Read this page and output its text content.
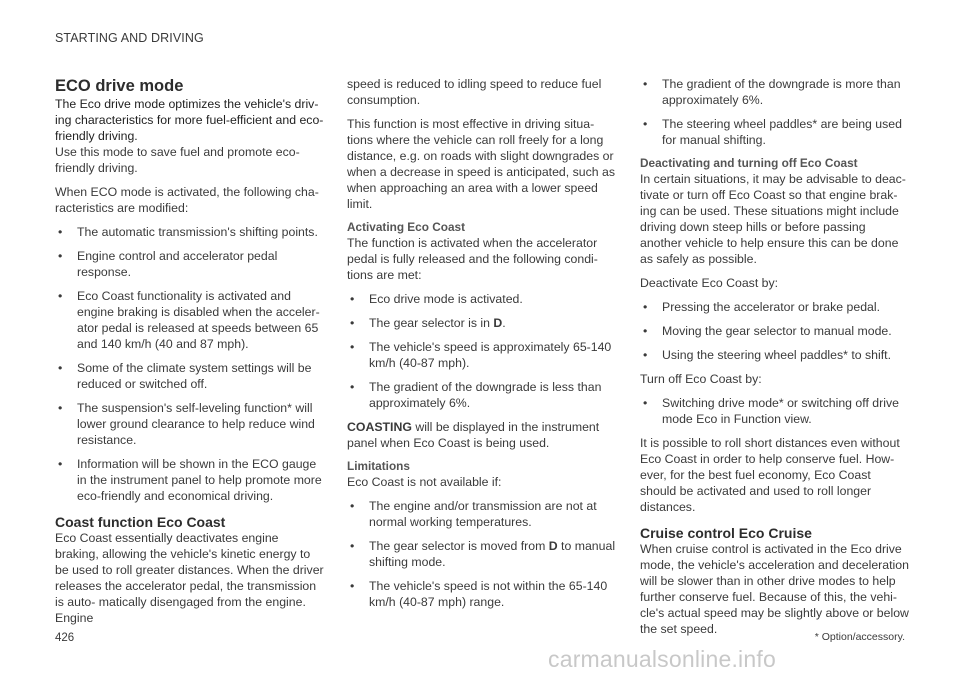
STARTING AND DRIVING
ECO drive mode
The Eco drive mode optimizes the vehicle's driv- ing characteristics for more fuel-efficient and eco-friendly driving.

Use this mode to save fuel and promote eco- friendly driving.

When ECO mode is activated, the following cha- racteristics are modified:

• The automatic transmission's shifting points.
• Engine control and accelerator pedal response.
• Eco Coast functionality is activated and engine braking is disabled when the acceler- ator pedal is released at speeds between 65 and 140 km/h (40 and 87 mph).
• Some of the climate system settings will be reduced or switched off.
• The suspension's self-leveling function* will lower ground clearance to help reduce wind resistance.
• Information will be shown in the ECO gauge in the instrument panel to help promote more eco-friendly and economical driving.
Coast function Eco Coast

Eco Coast essentially deactivates engine braking, allowing the vehicle's kinetic energy to be used to roll greater distances. When the driver releases the accelerator pedal, the transmission is auto- matically disengaged from the engine. Engine

speed is reduced to idling speed to reduce fuel consumption.

This function is most effective in driving situa- tions where the vehicle can roll freely for a long distance, e.g. on roads with slight downgrades or when a decrease in speed is anticipated, such as when approaching an area with a lower speed limit.

Activating Eco Coast

The function is activated when the accelerator pedal is fully released and the following condi- tions are met:

• Eco drive mode is activated.
• The gear selector is in D.
• The vehicle's speed is approximately 65-140 km/h (40-87 mph).
• The gradient of the downgrade is less than approximately 6%.

COASTING will be displayed in the instrument panel when Eco Coast is being used.

Limitations

Eco Coast is not available if:

• The engine and/or transmission are not at normal working temperatures.
• The gear selector is moved from D to manual shifting mode.
• The vehicle's speed is not within the 65-140 km/h (40-87 mph) range.
• The gradient of the downgrade is more than approximately 6%.
• The steering wheel paddles* are being used for manual shifting.
Deactivating and turning off Eco Coast

In certain situations, it may be advisable to deac- tivate or turn off Eco Coast so that engine brak- ing can be used. These situations might include driving down steep hills or before passing another vehicle to help ensure this can be done as safely as possible.

Deactivate Eco Coast by:

• Pressing the accelerator or brake pedal.
• Moving the gear selector to manual mode.
• Using the steering wheel paddles* to shift.

Turn off Eco Coast by:

• Switching drive mode* or switching off drive mode Eco in Function view.

It is possible to roll short distances even without Eco Coast in order to help conserve fuel. How- ever, for the best fuel economy, Eco Coast should be activated and used to roll longer distances.

Cruise control Eco Cruise

When cruise control is activated in the Eco drive mode, the vehicle's acceleration and deceleration will be slower than in other drive modes to help further conserve fuel. Because of this, the vehi- cle's actual speed may be slightly above or below the set speed.

426	* Option/accessory.
carmanualsonline.info
